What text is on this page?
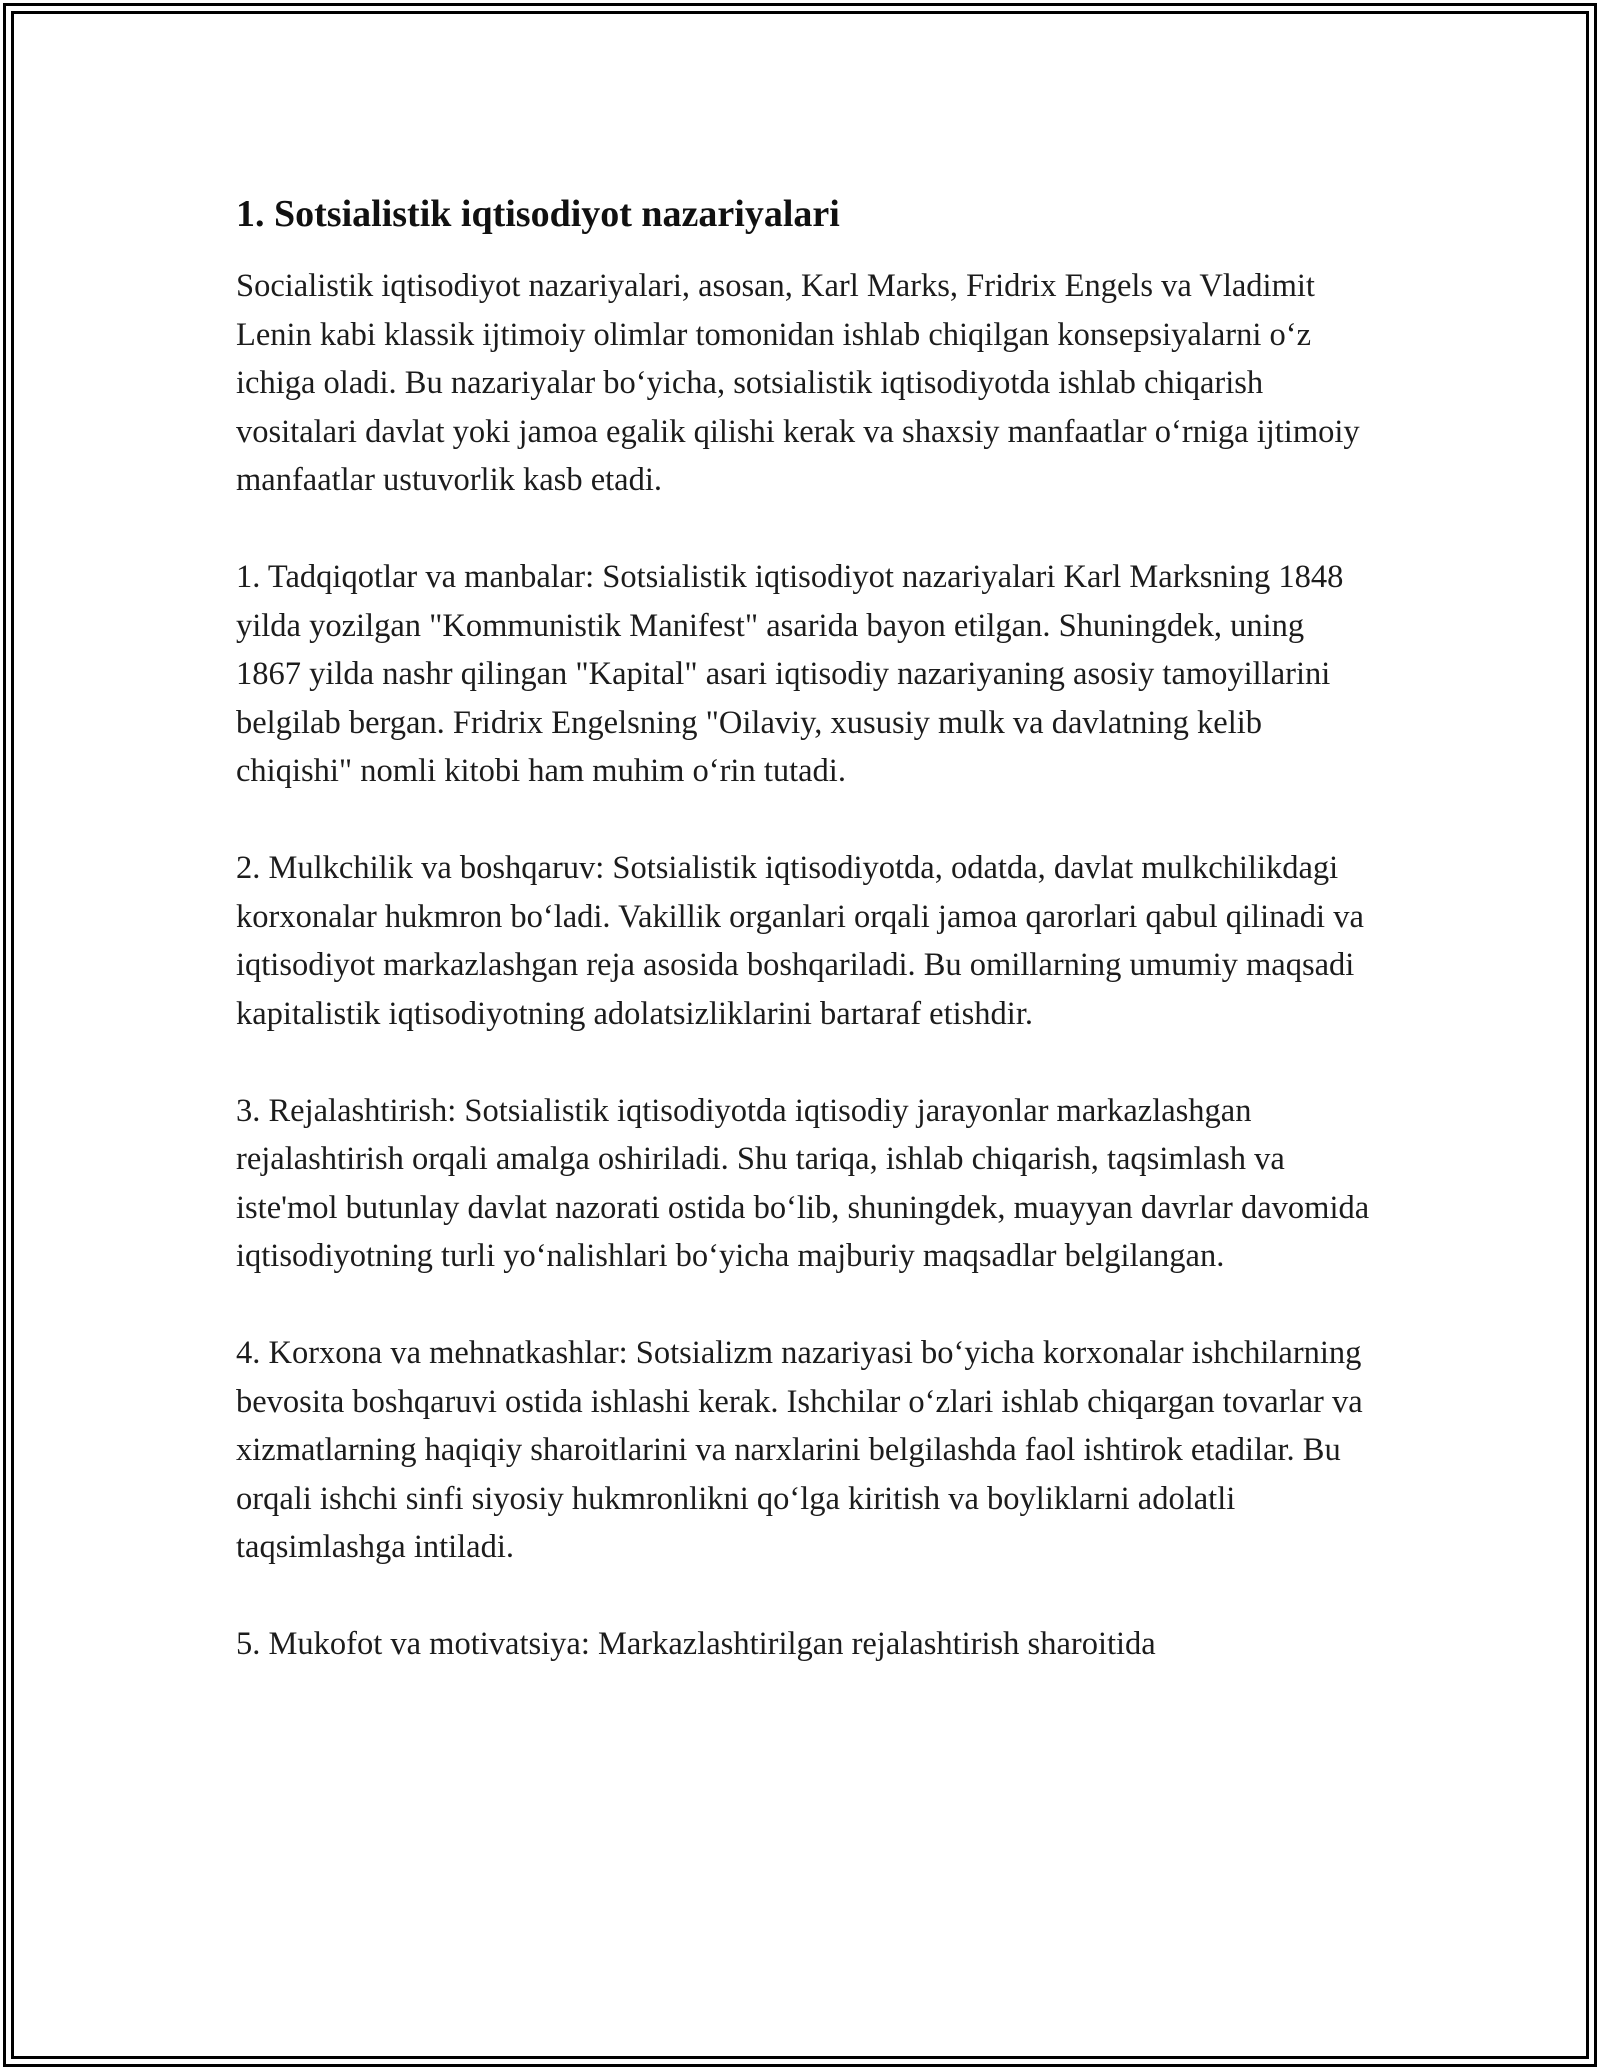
1. Sotsialistik iqtisodiyot nazariyalari

Socialistik iqtisodiyot nazariyalari, asosan, Karl Marks, Fridrix Engels va Vladimit Lenin kabi klassik ijtimoiy olimlar tomonidan ishlab chiqilgan konsepsiyalarni oʻz ichiga oladi. Bu nazariyalar boʻyicha, sotsialistik iqtisodiyotda ishlab chiqarish vositalari davlat yoki jamoa egalik qilishi kerak va shaxsiy manfaatlar oʻrniga ijtimoiy manfaatlar ustuvorlik kasb etadi.

1. Tadqiqotlar va manbalar: Sotsialistik iqtisodiyot nazariyalari Karl Marksning 1848 yilda yozilgan "Kommunistik Manifest" asarida bayon etilgan. Shuningdek, uning 1867 yilda nashr qilingan "Kapital" asari iqtisodiy nazariyaning asosiy tamoyillarini belgilab bergan. Fridrix Engelsning "Oilaviy, xususiy mulk va davlatning kelib chiqishi" nomli kitobi ham muhim oʻrin tutadi.

2. Mulkchilik va boshqaruv: Sotsialistik iqtisodiyotda, odatda, davlat mulkchilikdagi korxonalar hukmron boʻladi. Vakillik organlari orqali jamoa qarorlari qabul qilinadi va iqtisodiyot markazlashgan reja asosida boshqariladi. Bu omillarning umumiy maqsadi kapitalistik iqtisodiyotning adolatsizliklarini bartaraf etishdir.

3. Rejalashtirish: Sotsialistik iqtisodiyotda iqtisodiy jarayonlar markazlashgan rejalashtirish orqali amalga oshiriladi. Shu tariqa, ishlab chiqarish, taqsimlash va iste'mol butunlay davlat nazorati ostida boʻlib, shuningdek, muayyan davrlar davomida iqtisodiyotning turli yoʻnalishlari boʻyicha majburiy maqsadlar belgilangan.

4. Korxona va mehnatkashlar: Sotsializm nazariyasi boʻyicha korxonalar ishchilarning bevosita boshqaruvi ostida ishlashi kerak. Ishchilar oʻzlari ishlab chiqargan tovarlar va xizmatlarning haqiqiy sharoitlarini va narxlarini belgilashda faol ishtirok etadilar. Bu orqali ishchi sinfi siyosiy hukmronlikni qoʻlga kiritish va boyliklarni adolatli taqsimlashga intiladi.

5. Mukofot va motivatsiya: Markazlashtirilgan rejalashtirish sharoitida
